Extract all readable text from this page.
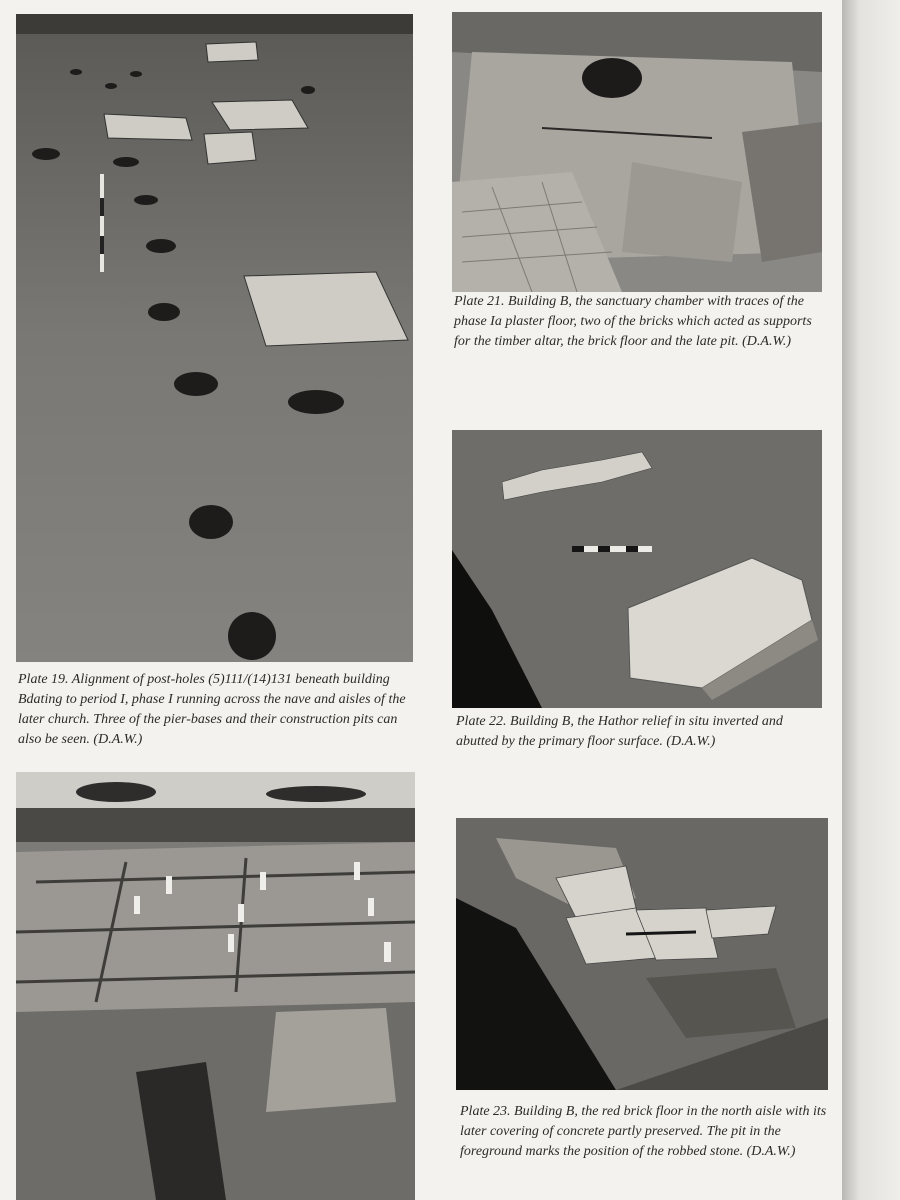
Plate 19. Alignment of post-holes (5)111/(14)131 beneath building Bdating to period I, phase I running across the nave and aisles of the later church. Three of the pier-bases and their construction pits can also be seen. (D.A.W.)
Plate 21. Building B, the sanctuary chamber with traces of the phase Ia plaster floor, two of the bricks which acted as supports for the timber altar, the brick floor and the late pit. (D.A.W.)
Plate 22. Building B, the Hathor relief in situ inverted and abutted by the primary floor surface. (D.A.W.)
Plate 23. Building B, the red brick floor in the north aisle with its later covering of concrete partly preserved. The pit in the foreground marks the position of the robbed stone. (D.A.W.)
